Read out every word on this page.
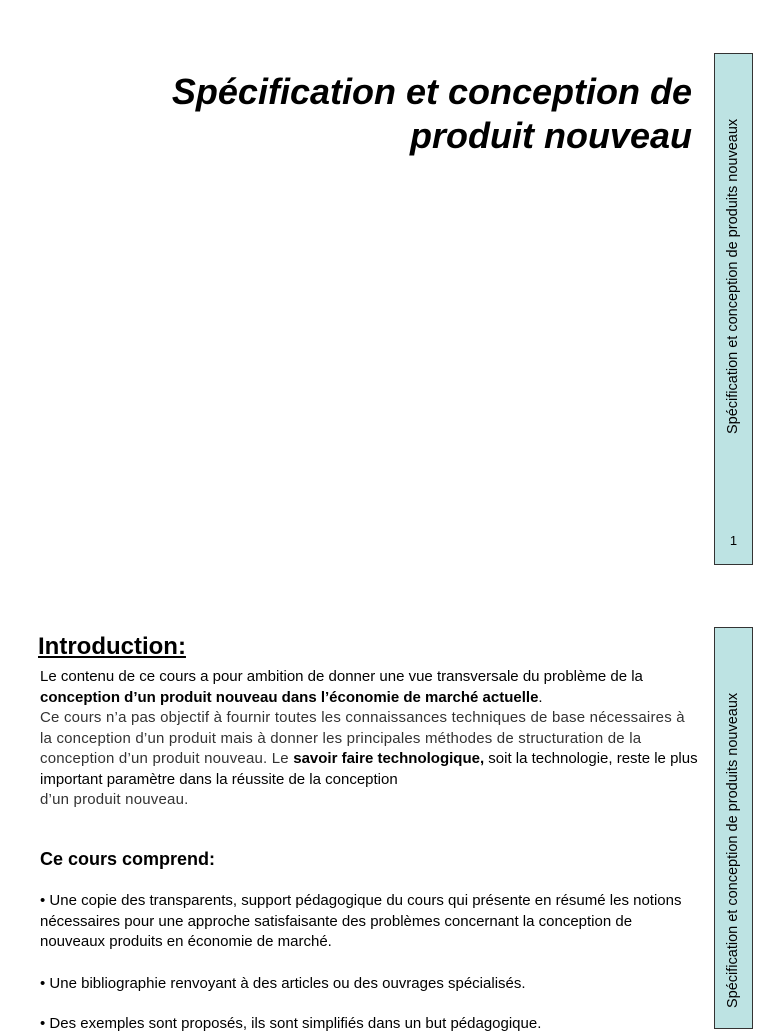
Spécification et conception de
produit nouveau Spécification et conception de produits nouveaux
1
Spécification et conception de produits nouveaux
Introduction:
Le contenu de ce cours a pour ambition de donner une vue transversale du problème de la conception d’un produit nouveau dans l’économie de marché actuelle.
Ce cours n’a pas objectif à fournir toutes les connaissances techniques de base nécessaires à la conception d’un produit mais à donner les principales méthodes de structuration de la conception d’un produit nouveau. Le savoir faire technologique, soit la technologie, reste le plus important paramètre dans la réussite de la conception
d’un produit nouveau.
Ce cours comprend:
• Une copie des transparents, support pédagogique du cours qui présente en résumé les notions nécessaires pour une approche satisfaisante des problèmes concernant la conception de nouveaux produits en économie de marché.
• Une bibliographie renvoyant à des articles ou des ouvrages spécialisés.
• Des exemples sont proposés, ils sont simplifiés dans un but pédagogique.
